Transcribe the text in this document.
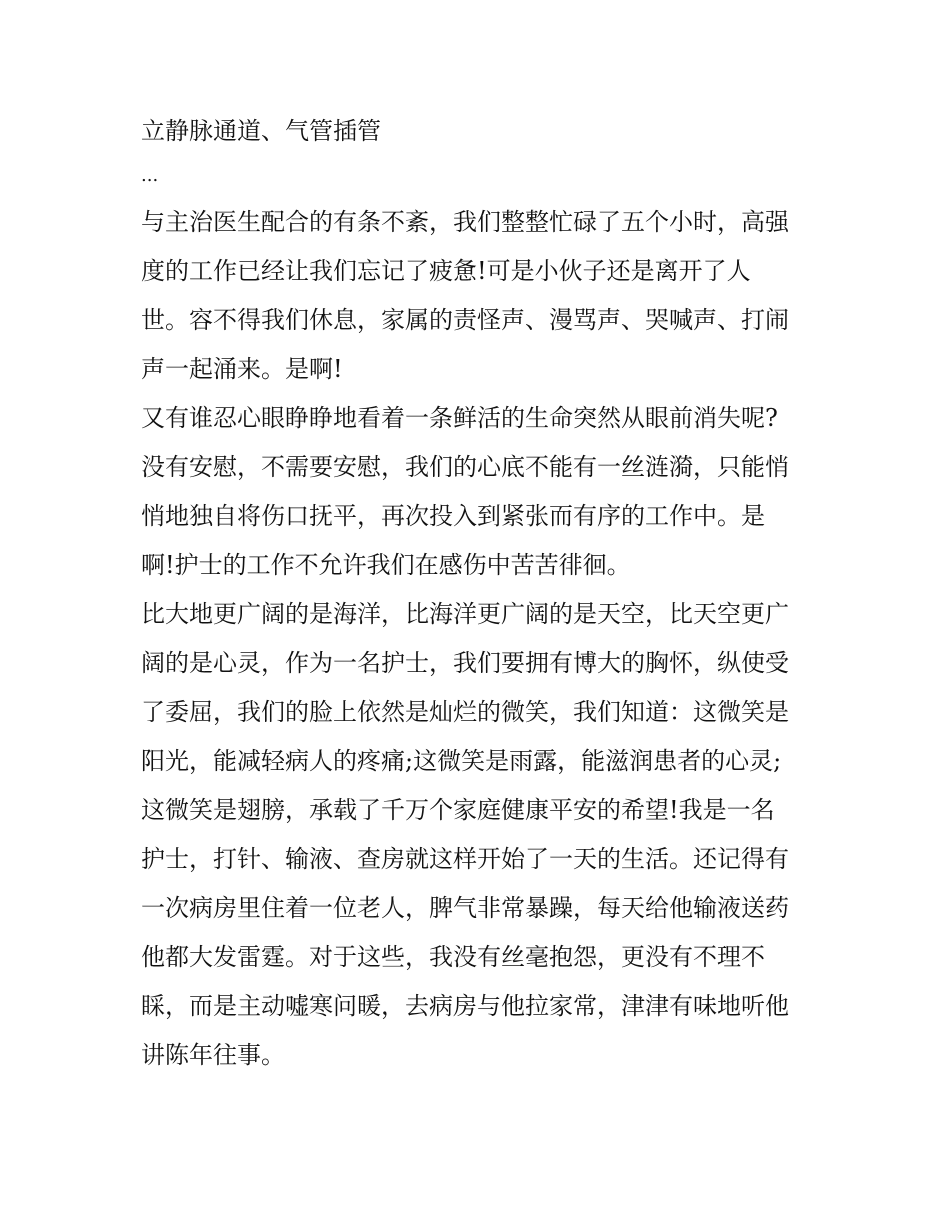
立静脉通道、气管插管

...

与主治医生配合的有条不紊，我们整整忙碌了五个小时，高强

度的工作已经让我们忘记了疲惫!可是小伙子还是离开了人

世。容不得我们休息，家属的责怪声、漫骂声、哭喊声、打闹

声一起涌来。是啊!

又有谁忍心眼睁睁地看着一条鲜活的生命突然从眼前消失呢?

没有安慰，不需要安慰，我们的心底不能有一丝涟漪，只能悄

悄地独自将伤口抚平，再次投入到紧张而有序的工作中。是

啊!护士的工作不允许我们在感伤中苦苦徘徊。

比大地更广阔的是海洋，比海洋更广阔的是天空，比天空更广

阔的是心灵，作为一名护士，我们要拥有博大的胸怀，纵使受

了委屈，我们的脸上依然是灿烂的微笑，我们知道：这微笑是

阳光，能减轻病人的疼痛;这微笑是雨露，能滋润患者的心灵;

这微笑是翅膀，承载了千万个家庭健康平安的希望!我是一名

护士，打针、输液、查房就这样开始了一天的生活。还记得有

一次病房里住着一位老人，脾气非常暴躁，每天给他输液送药

他都大发雷霆。对于这些，我没有丝毫抱怨，更没有不理不

睬，而是主动嘘寒问暖，去病房与他拉家常，津津有味地听他

讲陈年往事。
